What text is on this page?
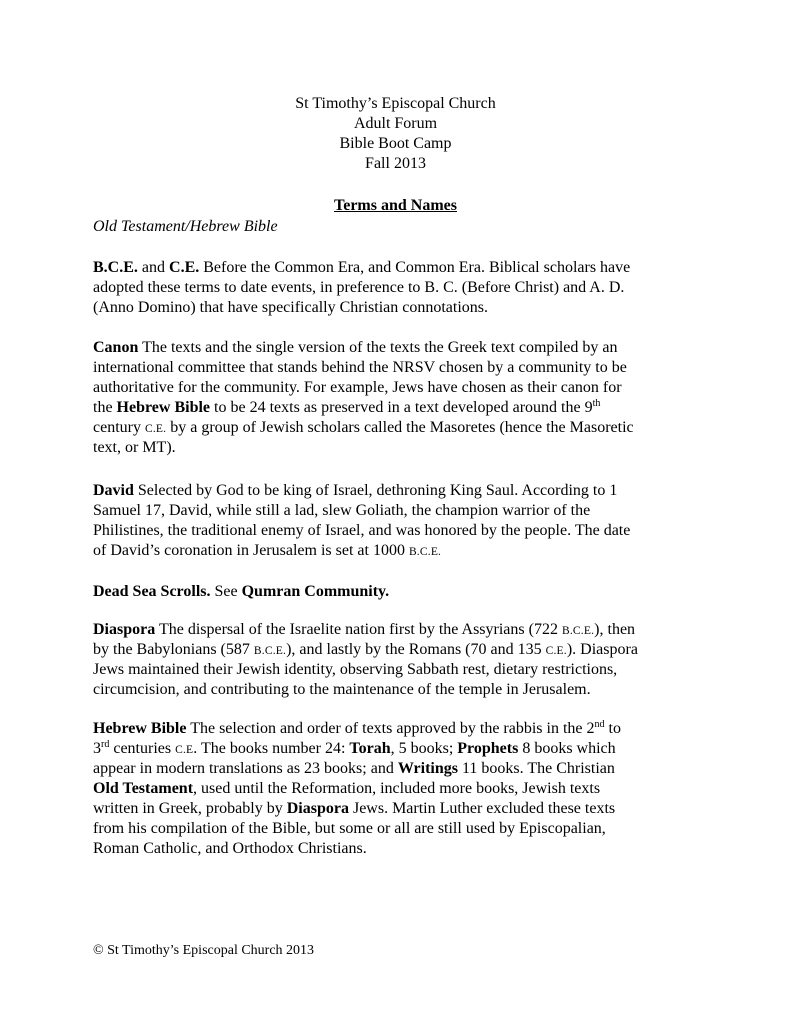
St Timothy’s Episcopal Church
Adult Forum
Bible Boot Camp
Fall 2013
Terms and Names
Old Testament/Hebrew Bible
B.C.E. and C.E. Before the Common Era, and Common Era. Biblical scholars have
adopted these terms to date events, in preference to B. C. (Before Christ) and A. D.
(Anno Domino) that have specifically Christian connotations.
Canon The texts and the single version of the texts the Greek text compiled by an
international committee that stands behind the NRSV chosen by a community to be
authoritative for the community. For example, Jews have chosen as their canon for
the Hebrew Bible to be 24 texts as preserved in a text developed around the 9th
century C.E. by a group of Jewish scholars called the Masoretes (hence the Masoretic
text, or MT).
David Selected by God to be king of Israel, dethroning King Saul. According to 1
Samuel 17, David, while still a lad, slew Goliath, the champion warrior of the
Philistines, the traditional enemy of Israel, and was honored by the people. The date
of David’s coronation in Jerusalem is set at 1000 B.C.E.
Dead Sea Scrolls. See Qumran Community.
Diaspora The dispersal of the Israelite nation first by the Assyrians (722 B.C.E.), then
by the Babylonians (587 B.C.E.), and lastly by the Romans (70 and 135 C.E.). Diaspora
Jews maintained their Jewish identity, observing Sabbath rest, dietary restrictions,
circumcision, and contributing to the maintenance of the temple in Jerusalem.
Hebrew Bible The selection and order of texts approved by the rabbis in the 2nd to
3rd centuries C.E. The books number 24: Torah, 5 books; Prophets 8 books which
appear in modern translations as 23 books; and Writings 11 books. The Christian
Old Testament, used until the Reformation, included more books, Jewish texts
written in Greek, probably by Diaspora Jews. Martin Luther excluded these texts
from his compilation of the Bible, but some or all are still used by Episcopalian,
Roman Catholic, and Orthodox Christians.
© St Timothy’s Episcopal Church 2013
